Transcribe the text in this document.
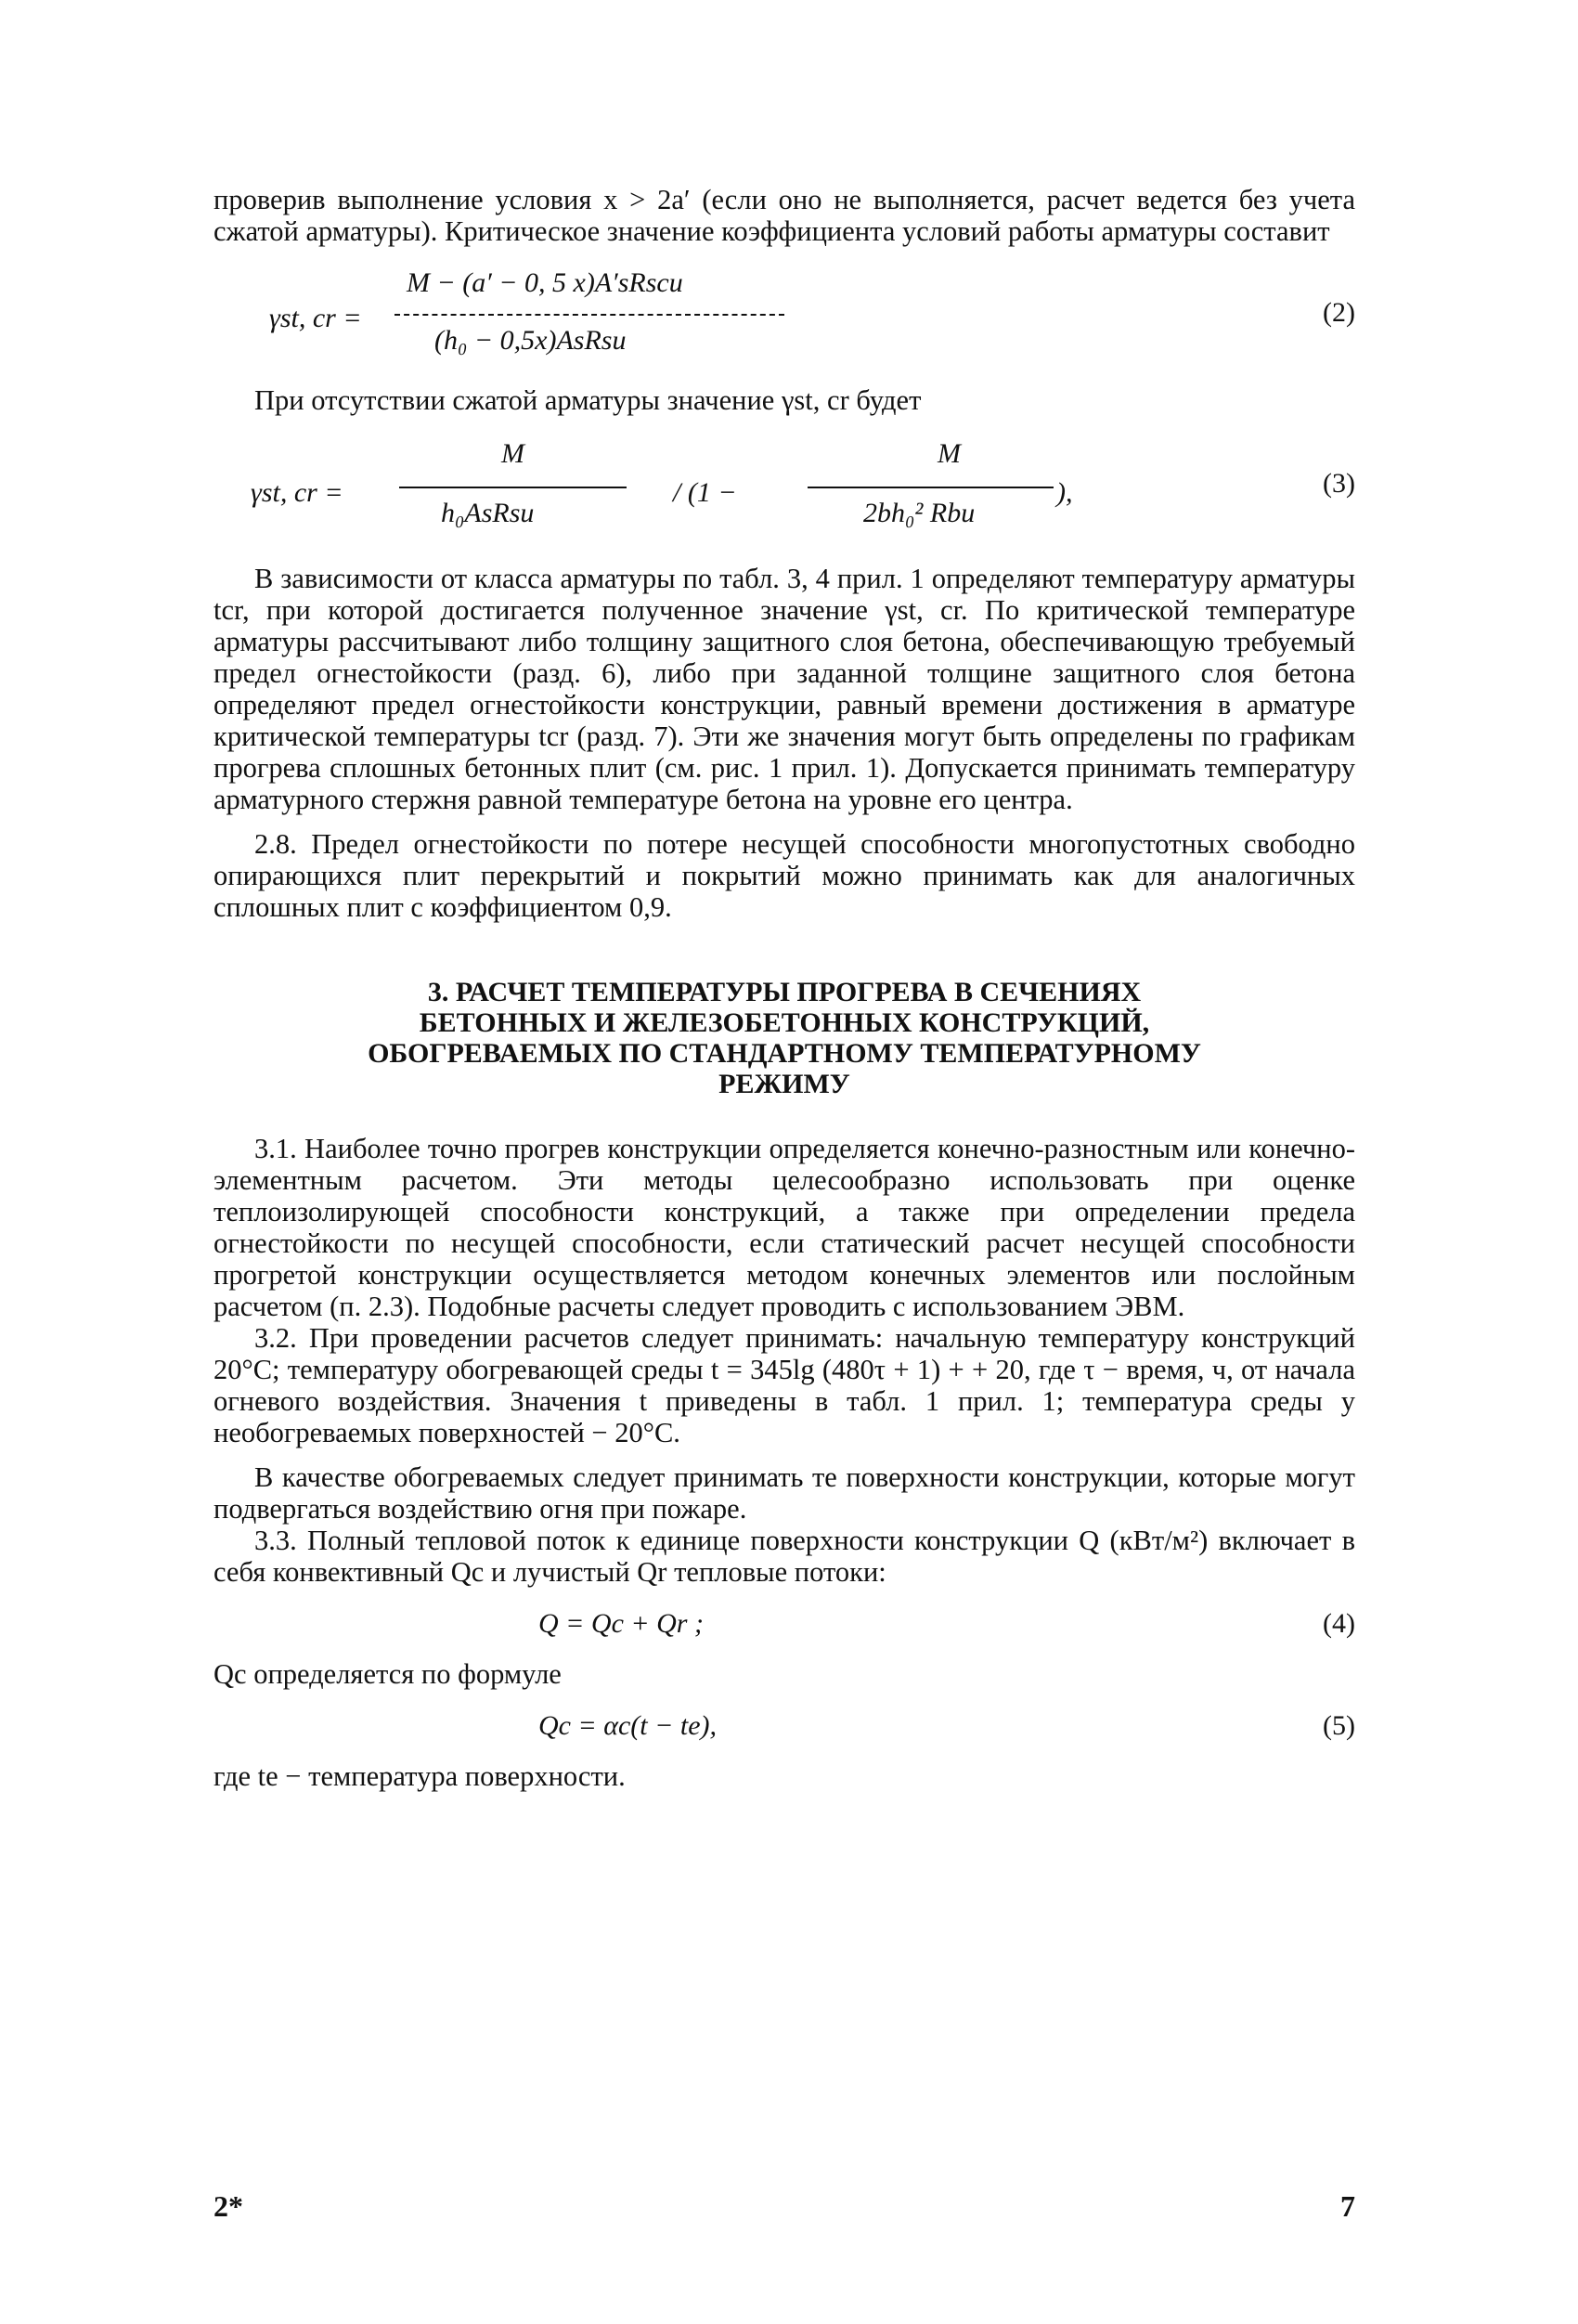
проверив выполнение условия x > 2a′ (если оно не выполняется, расчет ведется без учета сжатой арматуры). Критическое значение коэффициента условий работы арматуры составит

γst, cr =
M − (a′ − 0, 5 x)A′sRscu
(h₀ − 0,5x)AsRsu
(2)

При отсутствии сжатой арматуры значение γst, cr будет

γst, cr =
M
h₀AsRsu
/ (1 −
M
2bh₀² Rbu
),	(3)

В зависимости от класса арматуры по табл. 3, 4 прил. 1 определяют температуру арматуры tcr, при которой достигается полученное значение γst, cr. По критической температуре арматуры рассчитывают либо толщину защитного слоя бетона, обеспечивающую требуемый предел огнестойкости (разд. 6), либо при заданной толщине защитного слоя бетона определяют предел огнестойкости конструкции, равный времени достижения в арматуре критической температуры tcr (разд. 7). Эти же значения могут быть определены по графикам прогрева сплошных бетонных плит (см. рис. 1 прил. 1). Допускается принимать температуру арматурного стержня равной температуре бетона на уровне его центра.

2.8. Предел огнестойкости по потере несущей способности многопустотных свободно опирающихся плит перекрытий и покрытий можно принимать как для аналогичных сплошных плит с коэффициентом 0,9.

3. РАСЧЕТ ТЕМПЕРАТУРЫ ПРОГРЕВА В СЕЧЕНИЯХ
БЕТОННЫХ И ЖЕЛЕЗОБЕТОННЫХ КОНСТРУКЦИЙ,
ОБОГРЕВАЕМЫХ ПО СТАНДАРТНОМУ ТЕМПЕРАТУРНОМУ
РЕЖИМУ

3.1. Наиболее точно прогрев конструкции определяется конечно-разностным или конечно-элементным расчетом. Эти методы целесообразно использовать при оценке теплоизолирующей способности конструкций, а также при определении предела огнестойкости по несущей способности, если статический расчет несущей способности прогретой конструкции осуществляется методом конечных элементов или послойным расчетом (п. 2.3). Подобные расчеты следует проводить с использованием ЭВМ.

3.2. При проведении расчетов следует принимать: начальную температуру конструкций 20°C; температуру обогревающей среды t = 345lg (480τ + 1) + + 20, где τ − время, ч, от начала огневого воздействия. Значения t приведены в табл. 1 прил. 1; температура среды у необогреваемых поверхностей − 20°C.

В качестве обогреваемых следует принимать те поверхности конструкции, которые могут подвергаться воздействию огня при пожаре.

3.3. Полный тепловой поток к единице поверхности конструкции Q (кВт/м²) включает в себя конвективный Qc и лучистый Qr тепловые потоки:

Q = Qc + Qr ;	(4)

Qc определяется по формуле

Qc = αc(t − te),	(5)

где te − температура поверхности.

2*	7
